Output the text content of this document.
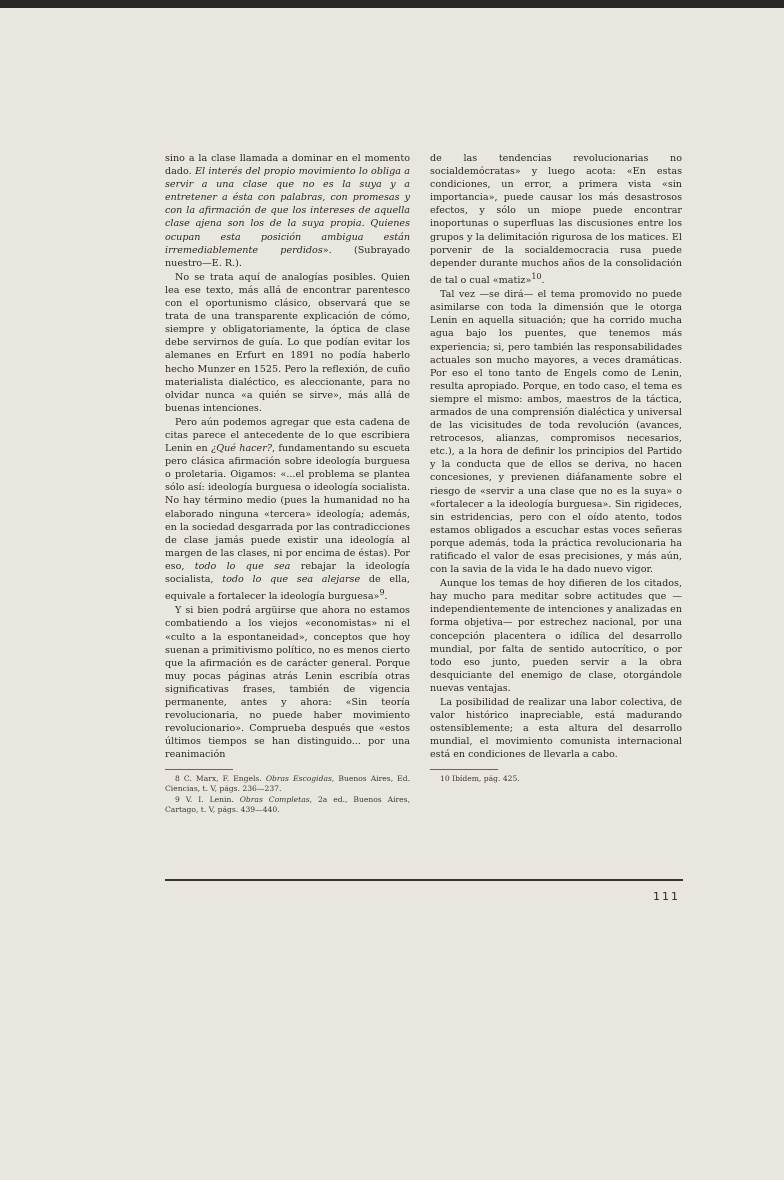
sino a la clase llamada a dominar en el momento dado. El interés del propio movimiento lo obliga a servir a una clase que no es la suya y a entretener a ésta con palabras, con promesas y con la afirmación de que los intereses de aquella clase ajena son los de la suya propia. Quienes ocupan esta posición ambigua están irremediablemente perdidos». (Subrayado nuestro—E. R.).

No se trata aquí de analogías posibles. Quien lea ese texto, más allá de encontrar parentesco con el oportunismo clásico, observará que se trata de una transparente explicación de cómo, siempre y obligatoriamente, la óptica de clase debe servirnos de guía. Lo que podían evitar los alemanes en Erfurt en 1891 no podía haberlo hecho Munzer en 1525. Pero la reflexión, de cuño materialista dialéctico, es aleccionante, para no olvidar nunca «a quién se sirve», más allá de buenas intenciones.

Pero aún podemos agregar que esta cadena de citas parece el antecedente de lo que escribiera Lenin en ¿Qué hacer?, fundamentando su escueta pero clásica afirmación sobre ideología burguesa o proletaria. Oigamos: «...el problema se plantea sólo así: ideología burguesa o ideología socialista. No hay término medio (pues la humanidad no ha elaborado ninguna «tercera» ideología; además, en la sociedad desgarrada por las contradicciones de clase jamás puede existir una ideología al margen de las clases, ni por encima de éstas). Por eso, todo lo que sea rebajar la ideología socialista, todo lo que sea alejarse de ella, equivale a fortalecer la ideología burguesa»$^9$.

Y si bien podrá argüirse que ahora no estamos combatiendo a los viejos «economistas» ni el «culto a la espontaneidad», conceptos que hoy suenan a primitivismo político, no es menos cierto que la afirmación es de carácter general. Porque muy pocas páginas atrás Lenin escribía otras significativas frases, también de vigencia permanente, antes y ahora: «Sin teoría revolucionaria, no puede haber movimiento revolucionario». Comprueba después que «estos últimos tiempos se han distinguido... por una reanimación

8 C. Marx, F. Engels. Obras Escogidas, Buenos Aires, Ed. Ciencias, t. V, págs. 236—237.

9 V. I. Lenin. Obras Completas, 2a ed., Buenos Aires, Cartago, t. V, págs. 439—440.

de las tendencias revolucionarias no socialdemócratas» y luego acota: «En estas condiciones, un error, a primera vista «sin importancia», puede causar los más desastrosos efectos, y sólo un miope puede encontrar inoportunas o superfluas las discusiones entre los grupos y la delimitación rigurosa de los matices. El porvenir de la socialdemocracia rusa puede depender durante muchos años de la consolidación de tal o cual «matiz»$^{10}$.

Tal vez —se dirá— el tema promovido no puede asimilarse con toda la dimensión que le otorga Lenin en aquella situación; que ha corrido mucha agua bajo los puentes, que tenemos más experiencia; si, pero también las responsabilidades actuales son mucho mayores, a veces dramáticas. Por eso el tono tanto de Engels como de Lenin, resulta apropiado. Porque, en todo caso, el tema es siempre el mismo: ambos, maestros de la táctica, armados de una comprensión dialéctica y universal de las vicisitudes de toda revolución (avances, retrocesos, alianzas, compromisos necesarios, etc.), a la hora de definir los principios del Partido y la conducta que de ellos se deriva, no hacen concesiones, y previenen diáfanamente sobre el riesgo de «servir a una clase que no es la suya» o «fortalecer a la ideología burguesa». Sin rigideces, sin estridencias, pero con el oído atento, todos estamos obligados a escuchar estas voces señeras porque además, toda la práctica revolucionaria ha ratificado el valor de esas precisiones, y más aún, con la savia de la vida le ha dado nuevo vigor.

Aunque los temas de hoy difieren de los citados, hay mucho para meditar sobre actitudes que —independientemente de intenciones y analizadas en forma objetiva— por estrechez nacional, por una concepción placentera o idílica del desarrollo mundial, por falta de sentido autocrítico, o por todo eso junto, pueden servir a la obra desquiciante del enemigo de clase, otorgándole nuevas ventajas.

La posibilidad de realizar una labor colectiva, de valor histórico inapreciable, está madurando ostensiblemente; a esta altura del desarrollo mundial, el movimiento comunista internacional está en condiciones de llevarla a cabo.

10 Ibídem, pág. 425.

111
